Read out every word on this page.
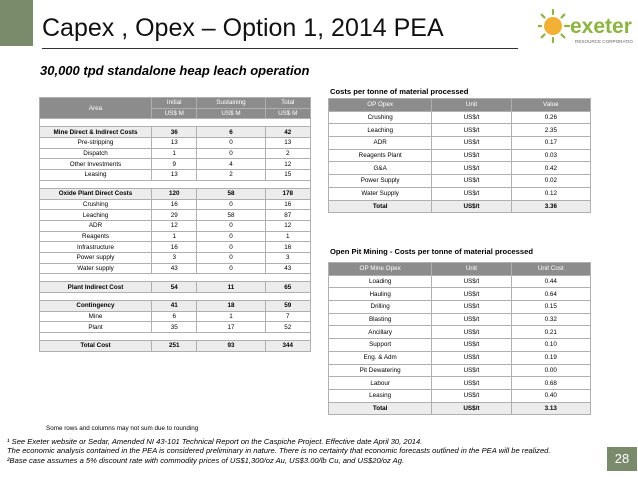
Capex , Opex – Option 1, 2014 PEA	exeter
RESOURCE CORPORATION
30,000 tpd standalone heap leach operation
Area	Initial	Sustaining	Total
	US$ M	US$ M	US$ M

Mine Direct & Indirect Costs	36	6	42
Pre-stripping	13	0	13
Dispatch	1	0	2
Other Investments	9	4	12
Leasing	13	2	15

Oxide Plant Direct Costs	120	58	178
Crushing	16	0	16
Leaching	29	58	87
ADR	12	0	12
Reagents	1	0	1
Infrastructure	16	0	16
Power supply	3	0	3
Water supply	43	0	43

Plant Indirect Cost	54	11	65

Contingency	41	18	59
Mine	6	1	7
Plant	35	17	52

Total Cost	251	93	344
Some rows and columns may not sum due to rounding
Costs per tonne of material processed
OP Opex	Unit	Value
Crushing	US$/t	0.26
Leaching	US$/t	2.35
ADR	US$/t	0.17
Reagents Plant	US$/t	0.03
G&A	US$/t	0.42
Power Supply	US$/t	0.02
Water Supply	US$/t	0.12
Total	US$/t	3.36
Open Pit Mining - Costs per tonne of material processed
OP Mine Opex	Unit	Unit Cost
Loading	US$/t	0.44
Hauling	US$/t	0.64
Drilling	US$/t	0.15
Blasting	US$/t	0.32
Ancillary	US$/t	0.21
Support	US$/t	0.10
Eng. & Adm	US$/t	0.19
Pit Dewatering	US$/t	0.00
Labour	US$/t	0.68
Leasing	US$/t	0.40
Total	US$/t	3.13
¹ See Exeter website or Sedar, Amended NI 43-101 Technical Report on the Caspiche Project. Effective date April 30, 2014.
The economic analysis contained in the PEA is considered preliminary in nature. There is no certainty that economic forecasts outlined in the PEA will be realized.
²Base case assumes a 5% discount rate with commodity prices of US$1,300/oz Au, US$3.00/lb Cu, and US$20/oz Ag.	28
